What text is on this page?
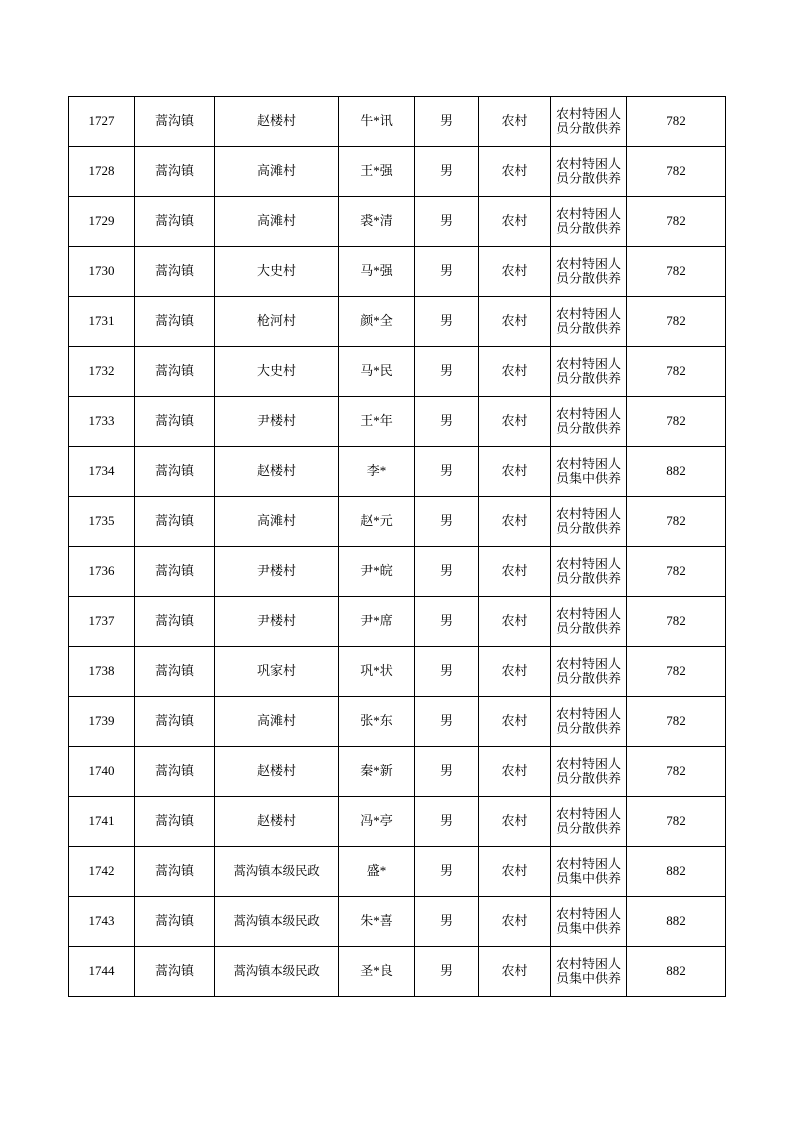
1727	蒿沟镇	赵楼村	牛*讯	男	农村	农村特困人员分散供养	782
1728	蒿沟镇	高滩村	王*强	男	农村	农村特困人员分散供养	782
1729	蒿沟镇	高滩村	裘*清	男	农村	农村特困人员分散供养	782
1730	蒿沟镇	大史村	马*强	男	农村	农村特困人员分散供养	782
1731	蒿沟镇	枪河村	颜*全	男	农村	农村特困人员分散供养	782
1732	蒿沟镇	大史村	马*民	男	农村	农村特困人员分散供养	782
1733	蒿沟镇	尹楼村	王*年	男	农村	农村特困人员分散供养	782
1734	蒿沟镇	赵楼村	李*	男	农村	农村特困人员集中供养	882
1735	蒿沟镇	高滩村	赵*元	男	农村	农村特困人员分散供养	782
1736	蒿沟镇	尹楼村	尹*皖	男	农村	农村特困人员分散供养	782
1737	蒿沟镇	尹楼村	尹*席	男	农村	农村特困人员分散供养	782
1738	蒿沟镇	巩家村	巩*状	男	农村	农村特困人员分散供养	782
1739	蒿沟镇	高滩村	张*东	男	农村	农村特困人员分散供养	782
1740	蒿沟镇	赵楼村	秦*新	男	农村	农村特困人员分散供养	782
1741	蒿沟镇	赵楼村	冯*亭	男	农村	农村特困人员分散供养	782
1742	蒿沟镇	蒿沟镇本级民政	盛*	男	农村	农村特困人员集中供养	882
1743	蒿沟镇	蒿沟镇本级民政	朱*喜	男	农村	农村特困人员集中供养	882
1744	蒿沟镇	蒿沟镇本级民政	圣*良	男	农村	农村特困人员集中供养	882
